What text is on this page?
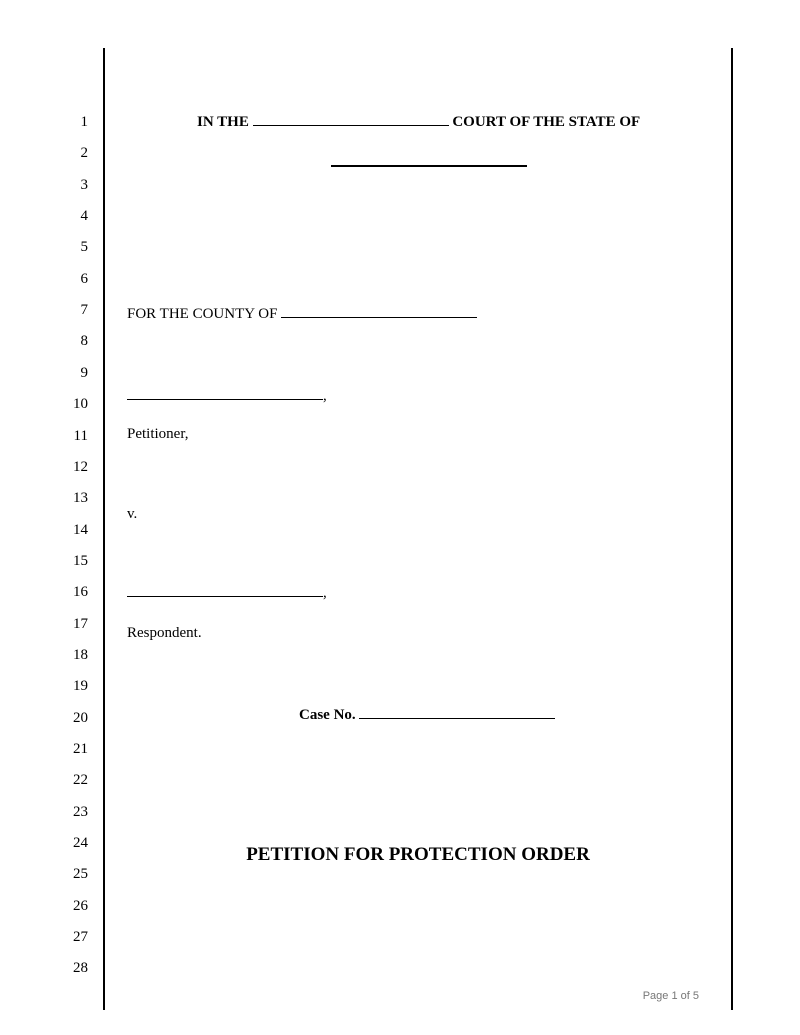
1
2
3
4
5
6
7
8
9
10
11
12
13
14
15
16
17
18
19
20
21
22
23
24
25
26
27
28
IN THE	COURT OF THE STATE OF
FOR THE COUNTY OF
,
Petitioner,
v.
,
Respondent.
Case No.
PETITION FOR PROTECTION ORDER
Page 1 of 5
